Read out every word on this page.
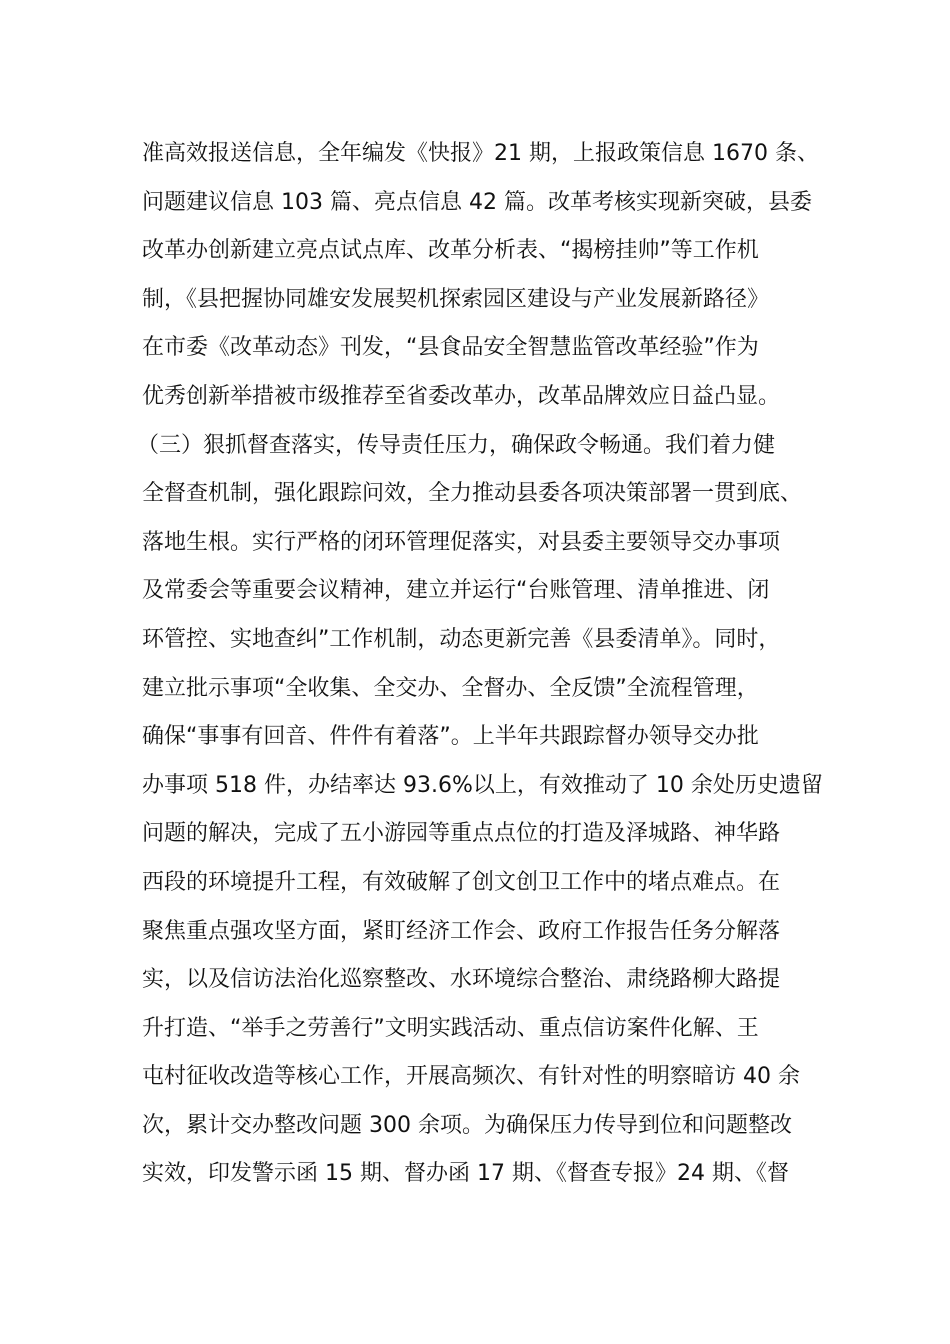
准高效报送信息，全年编发《快报》21 期，上报政策信息 1670 条、
问题建议信息 103 篇、亮点信息 42 篇。改革考核实现新突破，县委
改革办创新建立亮点试点库、改革分析表、“揭榜挂帅”等工作机
制，《县把握协同雄安发展契机探索园区建设与产业发展新路径》
在市委《改革动态》刊发，“县食品安全智慧监管改革经验”作为
优秀创新举措被市级推荐至省委改革办，改革品牌效应日益凸显。
（三）狠抓督查落实，传导责任压力，确保政令畅通。我们着力健
全督查机制，强化跟踪问效，全力推动县委各项决策部署一贯到底、
落地生根。实行严格的闭环管理促落实，对县委主要领导交办事项
及常委会等重要会议精神，建立并运行“台账管理、清单推进、闭
环管控、实地查纠”工作机制，动态更新完善《县委清单》。同时，
建立批示事项“全收集、全交办、全督办、全反馈”全流程管理，
确保“事事有回音、件件有着落”。上半年共跟踪督办领导交办批
办事项 518 件，办结率达 93.6%以上，有效推动了 10 余处历史遗留
问题的解决，完成了五小游园等重点点位的打造及泽城路、神华路
西段的环境提升工程，有效破解了创文创卫工作中的堵点难点。在
聚焦重点强攻坚方面，紧盯经济工作会、政府工作报告任务分解落
实，以及信访法治化巡察整改、水环境综合整治、肃绕路柳大路提
升打造、“举手之劳善行”文明实践活动、重点信访案件化解、王
屯村征收改造等核心工作，开展高频次、有针对性的明察暗访 40 余
次，累计交办整改问题 300 余项。为确保压力传导到位和问题整改
实效，印发警示函 15 期、督办函 17 期、《督查专报》24 期、《督
